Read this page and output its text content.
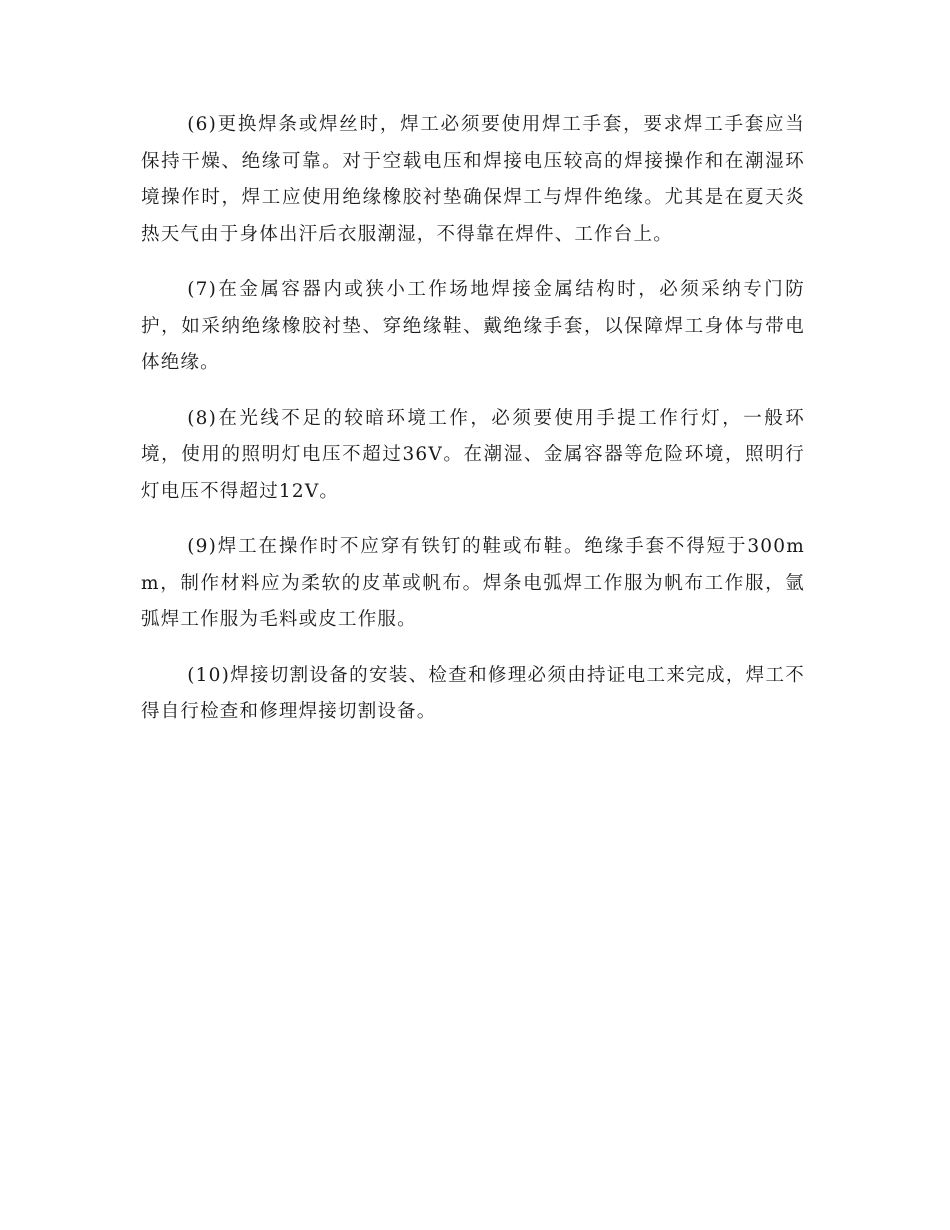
(6)更换焊条或焊丝时，焊工必须要使用焊工手套，要求焊工手套应当保持干燥、绝缘可靠。对于空载电压和焊接电压较高的焊接操作和在潮湿环境操作时，焊工应使用绝缘橡胶衬垫确保焊工与焊件绝缘。尤其是在夏天炎热天气由于身体出汗后衣服潮湿，不得靠在焊件、工作台上。

(7)在金属容器内或狭小工作场地焊接金属结构时，必须采纳专门防护，如采纳绝缘橡胶衬垫、穿绝缘鞋、戴绝缘手套，以保障焊工身体与带电体绝缘。

(8)在光线不足的较暗环境工作，必须要使用手提工作行灯，一般环境，使用的照明灯电压不超过36V。在潮湿、金属容器等危险环境，照明行灯电压不得超过12V。

(9)焊工在操作时不应穿有铁钉的鞋或布鞋。绝缘手套不得短于300mm，制作材料应为柔软的皮革或帆布。焊条电弧焊工作服为帆布工作服，氩弧焊工作服为毛料或皮工作服。

(10)焊接切割设备的安装、检查和修理必须由持证电工来完成，焊工不得自行检查和修理焊接切割设备。
